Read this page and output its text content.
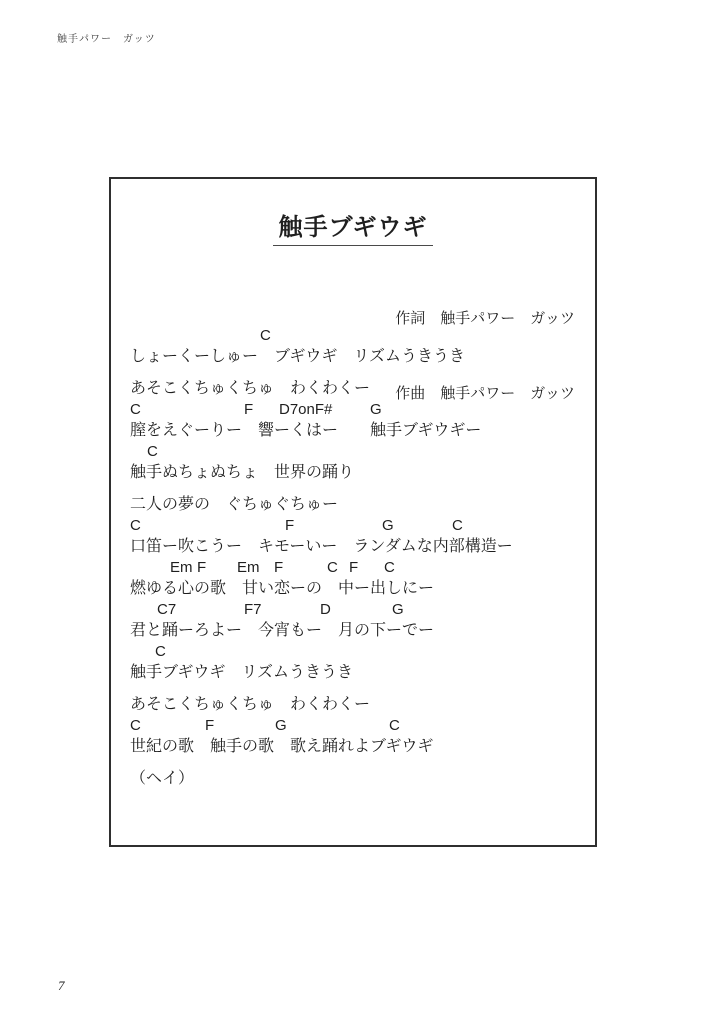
触手パワー　ガッツ
触手ブギウギ

作詞　触手パワー　ガッツ

作曲　触手パワー　ガッツ

C
しょーくーしゅー　ブギウギ　リズムうきうき
あそこくちゅくちゅ　わくわくー
C	F D7onF#	G
膣をえぐーりー　響ーくはー　　触手ブギウギー
C
触手ぬちょぬちょ　世界の踊り
二人の夢の　ぐちゅぐちゅー
C	F	G	C
口笛ー吹こうー　キモーいー　ランダムな内部構造ー
Em F Em F	C F C
燃ゆる心の歌　甘い恋ーの　中ー出しにー
C7	F7	D	G
君と踊ーろよー　今宵もー　月の下ーでー
C
触手ブギウギ　リズムうきうき
あそこくちゅくちゅ　わくわくー
C	F	G	C
世紀の歌　触手の歌　歌え踊れよブギウギ
（ヘイ）
7
